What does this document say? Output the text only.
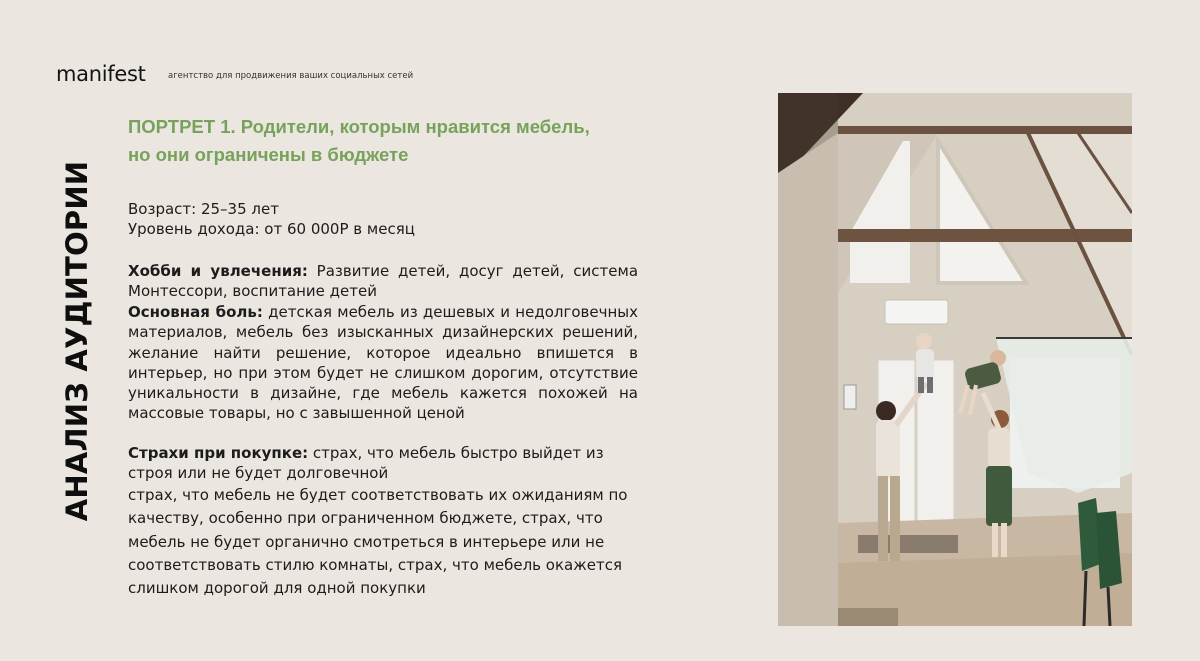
manifest	агентство для продвижения ваших социальных сетей
АНАЛИЗ АУДИТОРИИ
ПОРТРЕТ 1. Родители, которым нравится мебель, но они ограничены в бюджете
Возраст: 25–35 лет
Уровень дохода: от 60 000Р в месяц
Хобби и увлечения: Развитие детей, досуг детей, система Монтессори, воспитание детей
Основная боль: детская мебель из дешевых и недолговечных материалов, мебель без изысканных дизайнерских решений, желание найти решение, которое идеально впишется в интерьер, но при этом будет не слишком дорогим, отсутствие уникальности в дизайне, где мебель кажется похожей на массовые товары, но с завышенной ценой
Страхи при покупке: страх, что мебель быстро выйдет из строя или не будет долговечной
страх, что мебель не будет соответствовать их ожиданиям по качеству, особенно при ограниченном бюджете, страх, что мебель не будет органично смотреться в интерьере или не соответствовать стилю комнаты, страх, что мебель окажется слишком дорогой для одной покупки
